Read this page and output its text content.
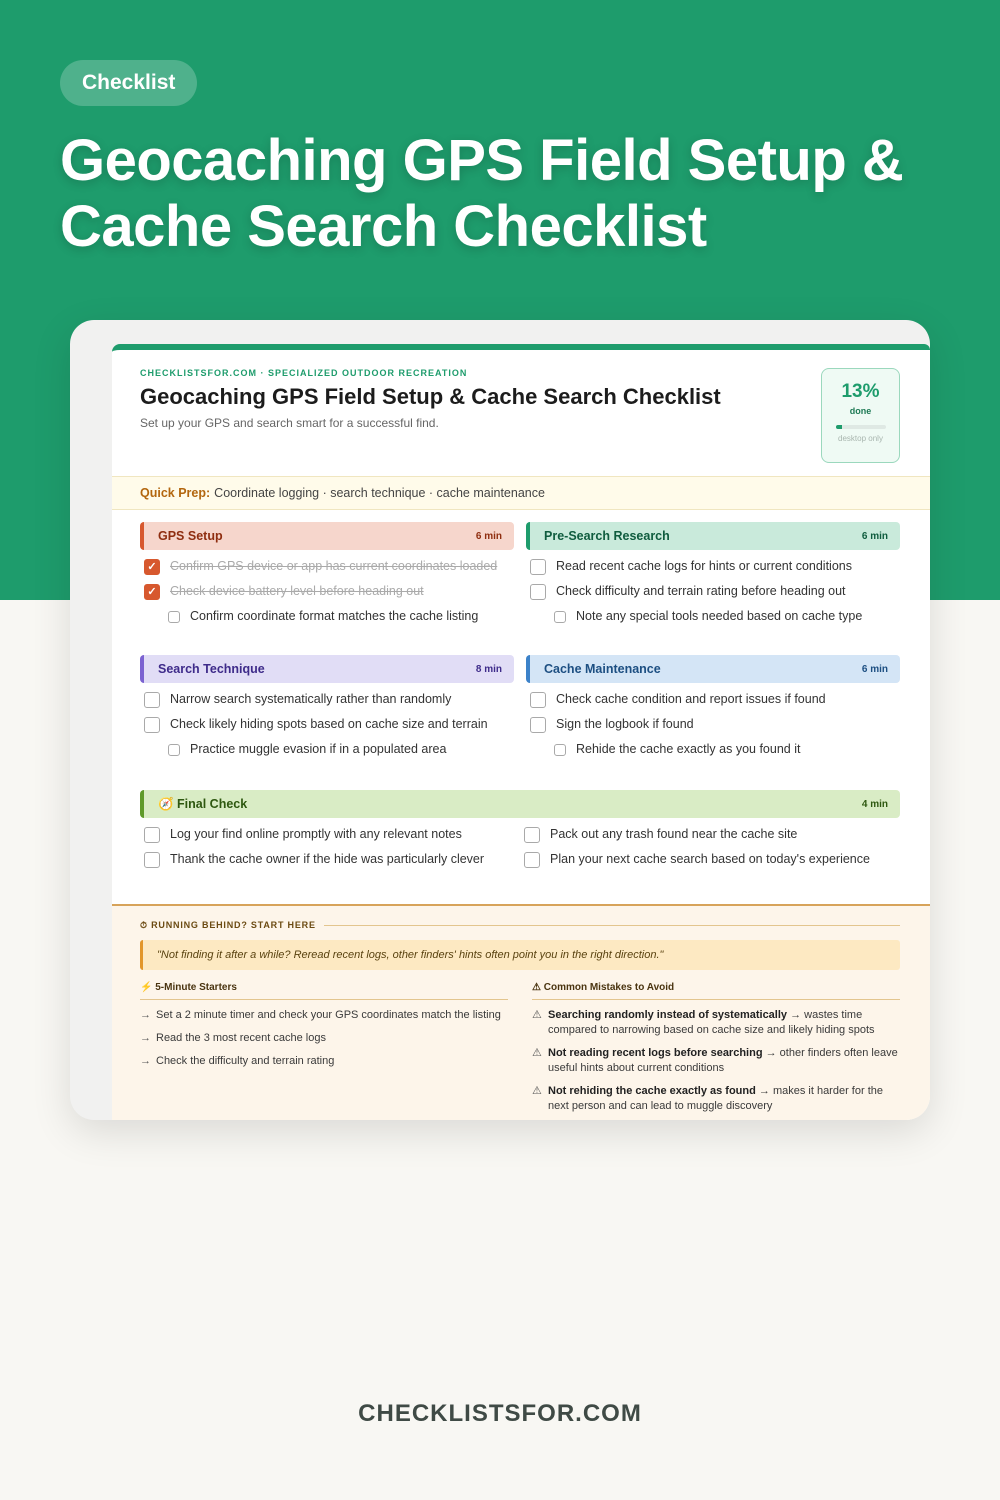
Checklist
Geocaching GPS Field Setup & Cache Search Checklist
CHECKLISTSFOR.COM · SPECIALIZED OUTDOOR RECREATION
Geocaching GPS Field Setup & Cache Search Checklist
Set up your GPS and search smart for a successful find.
13%
done
desktop only
Quick Prep: Coordinate logging · search technique · cache maintenance
GPS Setup	6 min
✓ Confirm GPS device or app has current coordinates loaded
✓ Check device battery level before heading out
Confirm coordinate format matches the cache listing
Pre-Search Research	6 min
Read recent cache logs for hints or current conditions
Check difficulty and terrain rating before heading out
Note any special tools needed based on cache type
Search Technique	8 min
Narrow search systematically rather than randomly
Check likely hiding spots based on cache size and terrain
Practice muggle evasion if in a populated area
Cache Maintenance	6 min
Check cache condition and report issues if found
Sign the logbook if found
Rehide the cache exactly as you found it
🧭 Final Check	4 min
Log your find online promptly with any relevant notes
Thank the cache owner if the hide was particularly clever
Pack out any trash found near the cache site
Plan your next cache search based on today's experience
⏱ RUNNING BEHIND? START HERE
"Not finding it after a while? Reread recent logs, other finders' hints often point you in the right direction."
⚡ 5-Minute Starters
→ Set a 2 minute timer and check your GPS coordinates match the listing
→ Read the 3 most recent cache logs
→ Check the difficulty and terrain rating
⚠ Common Mistakes to Avoid
⚠ Searching randomly instead of systematically → wastes time compared to narrowing based on cache size and likely hiding spots
⚠ Not reading recent logs before searching → other finders often leave useful hints about current conditions
⚠ Not rehiding the cache exactly as found → makes it harder for the next person and can lead to muggle discovery
CHECKLISTSFOR.COM
